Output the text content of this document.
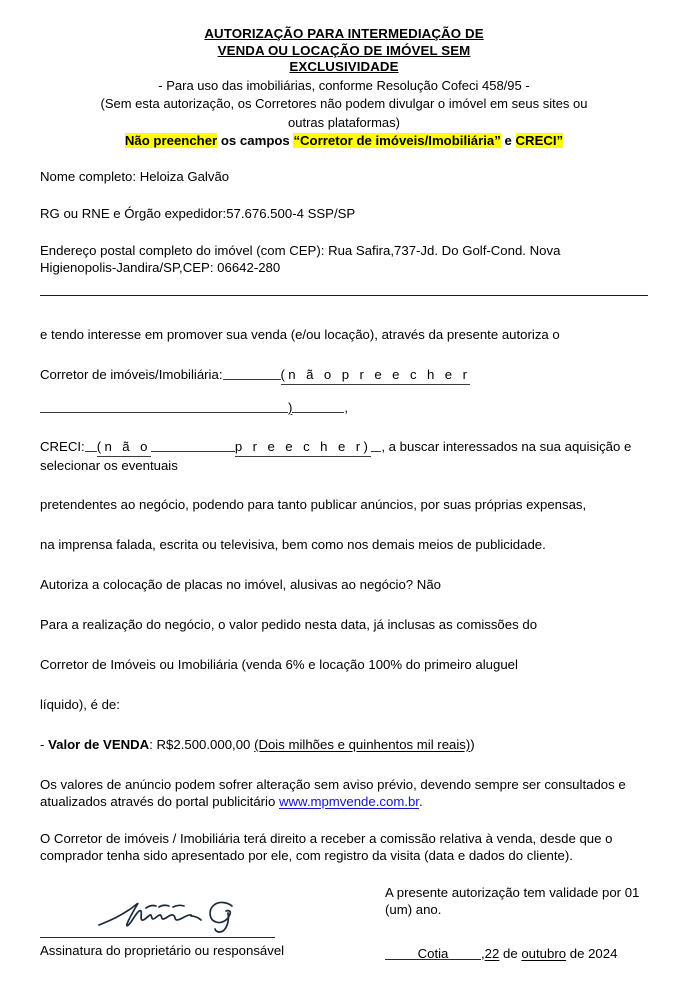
AUTORIZAÇÃO PARA INTERMEDIAÇÃO DE
VENDA OU LOCAÇÃO DE IMÓVEL SEM
EXCLUSIVIDADE
- Para uso das imobiliárias, conforme Resolução Cofeci 458/95 -
(Sem esta autorização, os Corretores não podem divulgar o imóvel em seus sites ou
outras plataformas)
Não preencher os campos “Corretor de imóveis/Imobiliária” e CRECI”
Nome completo: Heloiza Galvão
RG ou RNE e Órgão expedidor:57.676.500-4 SSP/SP
Endereço postal completo do imóvel (com CEP): Rua Safira,737-Jd. Do Golf-Cond. Nova Higienopolis-Jandira/SP,CEP: 06642-280
e tendo interesse em promover sua venda (e/ou locação), através da presente autoriza o
Corretor de imóveis/Imobiliária:	(n ã o p r e e c h e r
)	,
CRECI: (n ã o	p r e e c h e r) , a buscar interessados na sua aquisição e
selecionar os eventuais
pretendentes ao negócio, podendo para tanto publicar anúncios, por suas próprias expensas,
na imprensa falada, escrita ou televisiva, bem como nos demais meios de publicidade.
Autoriza a colocação de placas no imóvel, alusivas ao negócio? Não
Para a realização do negócio, o valor pedido nesta data, já inclusas as comissões do
Corretor de Imóveis ou Imobiliária (venda 6% e locação 100% do primeiro aluguel
líquido), é de:
- Valor de VENDA: R$2.500.000,00 (Dois milhões e quinhentos mil reais))
Os valores de anúncio podem sofrer alteração sem aviso prévio, devendo sempre ser consultados e atualizados através do portal publicitário www.mpmvende.com.br.
O Corretor de imóveis / Imobiliária terá direito a receber a comissão relativa à venda, desde que o comprador tenha sido apresentado por ele, com registro da visita (data e dados do cliente).
A presente autorização tem validade por 01 (um) ano.
Cotia ,22 de outubro de 2024
Assinatura do proprietário ou responsável
